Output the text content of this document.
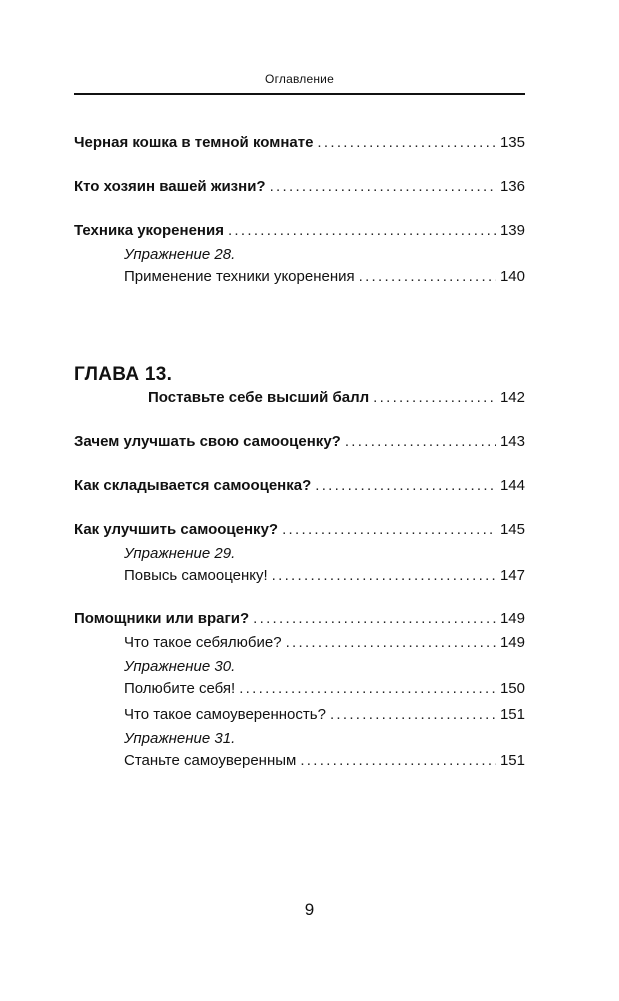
Оглавление
Черная кошка в темной комнате .....	135
Кто хозяин вашей жизни? .....	136
Техника укоренения .....	139
Упражнение 28.
Применение техники укоренения .....	140
ГЛАВА 13.
Поставьте себе высший балл .....	142
Зачем улучшать свою самооценку? .....	143
Как складывается самооценка? .....	144
Как улучшить самооценку? .....	145
Упражнение 29.
Повысь самооценку! .....	147
Помощники или враги? .....	149
Что такое себялюбие? .....	149
Упражнение 30.
Полюбите себя! .....	150
Что такое самоуверенность? .....	151
Упражнение 31.
Станьте самоуверенным .....	151
9
